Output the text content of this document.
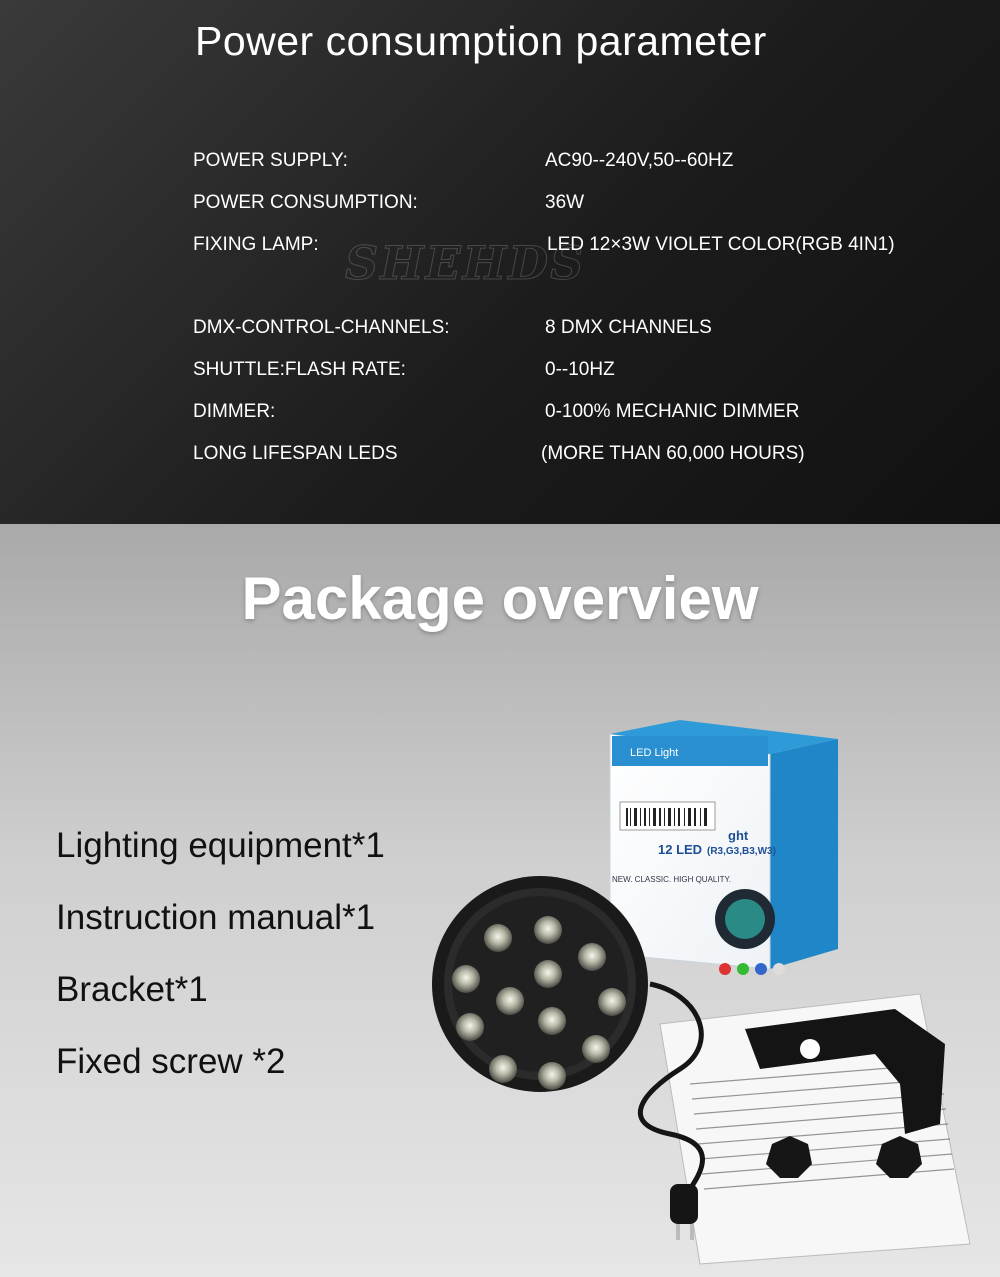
Power consumption parameter
SHEHDS
POWER SUPPLY:	AC90--240V,50--60HZ
POWER CONSUMPTION:	36W
FIXING LAMP:	LED 12×3W VIOLET COLOR(RGB 4IN1)
DMX-CONTROL-CHANNELS:	8 DMX CHANNELS
SHUTTLE:FLASH RATE:	0--10HZ
DIMMER:	0-100% MECHANIC DIMMER
LONG LIFESPAN LEDS	(MORE THAN 60,000 HOURS)
Package overview
Lighting equipment*1
Instruction manual*1
Bracket*1
Fixed screw *2
LED Light
12 LED (R3,G3,B3,W3)
ght
NEW. CLASSIC. HIGH QUALITY.
